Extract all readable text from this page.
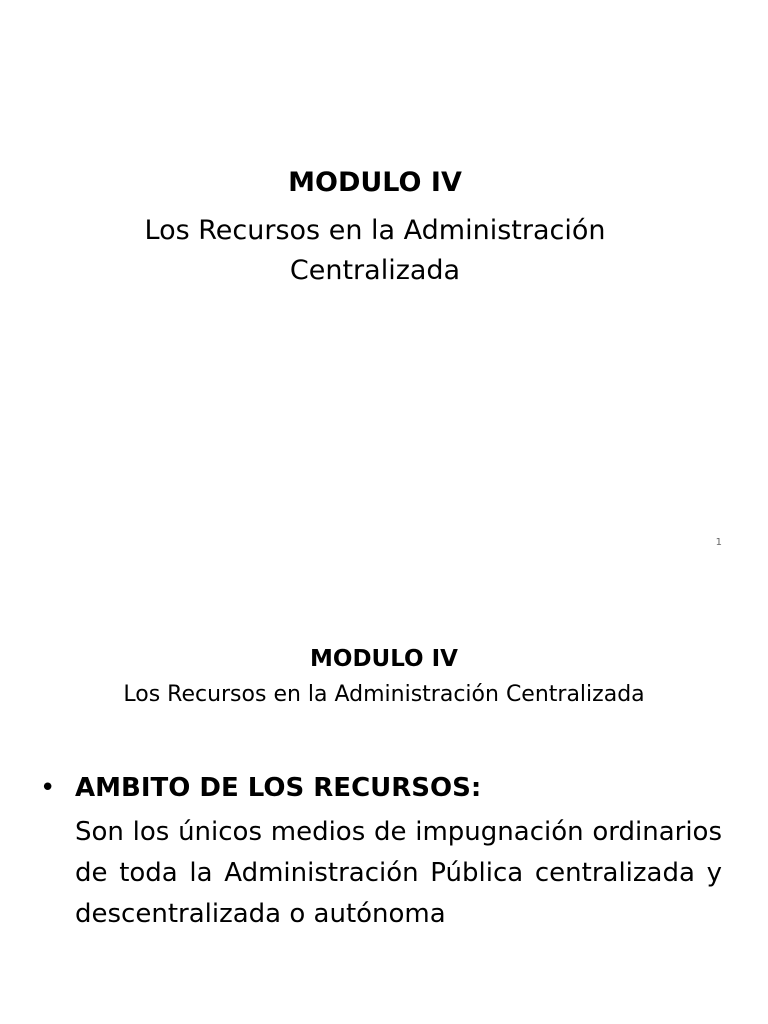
MODULO IV
Los Recursos en la Administración Centralizada
1
MODULO IV
Los Recursos en la Administración Centralizada
• AMBITO DE LOS RECURSOS:
Son los únicos medios de impugnación ordinarios de toda la Administración Pública centralizada y descentralizada o autónoma
